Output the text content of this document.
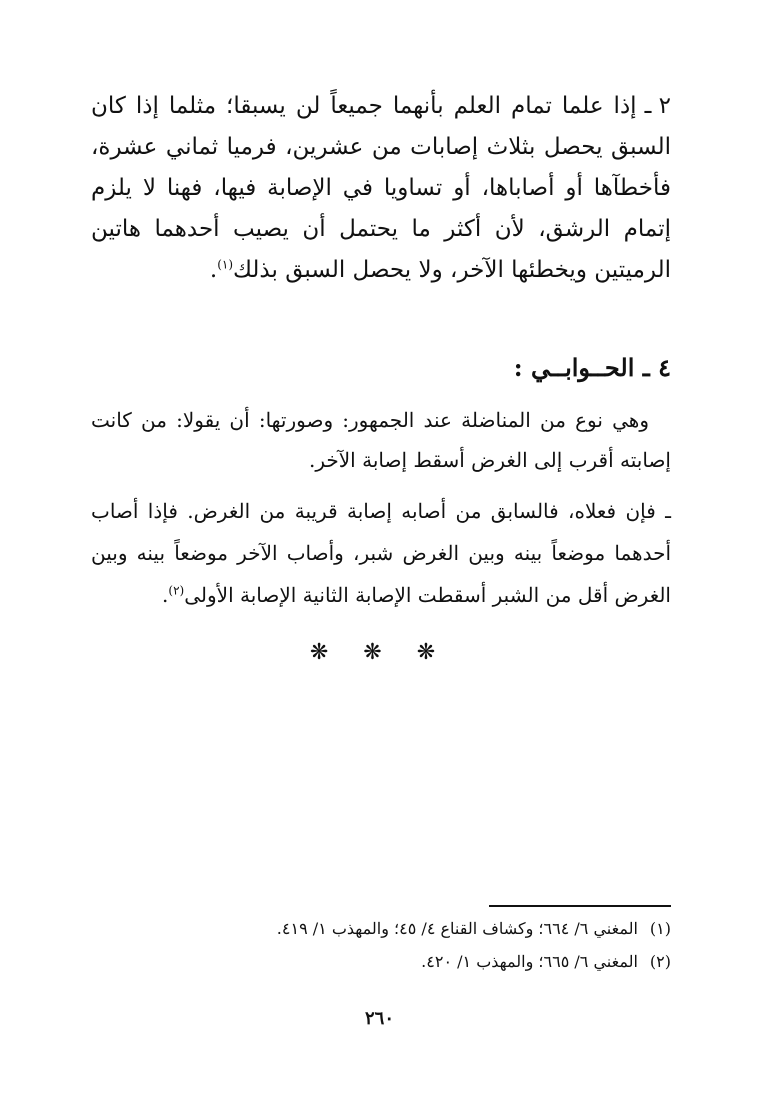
٢ ـإذا علما تمام العلم بأنهما جميعاً لن يسبقا؛ مثلما إذا كان السبق يحصل بثلاث إصابات من عشرين، فرميا ثماني عشرة، فأخطآها أو أصاباها، أو تساويا في الإصابة فيها، فهنا لا يلزم إتمام الرشق، لأن أكثر ما يحتمل أن يصيب أحدهما هاتين الرميتين ويخطئها الآخر، ولا يحصل السبق بذلك$^{(١)}$.

٤ ـ الحــوابــي :

وهي نوع من المناضلة عند الجمهور: وصورتها: أن يقولا: من كانت إصابته أقرب إلى الغرض أسقط إصابة الآخر.

ـ فإن فعلاه، فالسابق من أصابه إصابة قريبة من الغرض. فإذا أصاب أحدهما موضعاً بينه وبين الغرض شبر، وأصاب الآخر موضعاً بينه وبين الغرض أقل من الشبر أسقطت الإصابة الثانية الإصابة الأولى$^{(٢)}$.

❋ ❋ ❋

(١)المغني ٦/ ٦٦٤؛ وكشاف القناع ٤/ ٤٥؛ والمهذب ١/ ٤١٩.

(٢)المغني ٦/ ٦٦٥؛ والمهذب ١/ ٤٢٠.

٢٦٠
